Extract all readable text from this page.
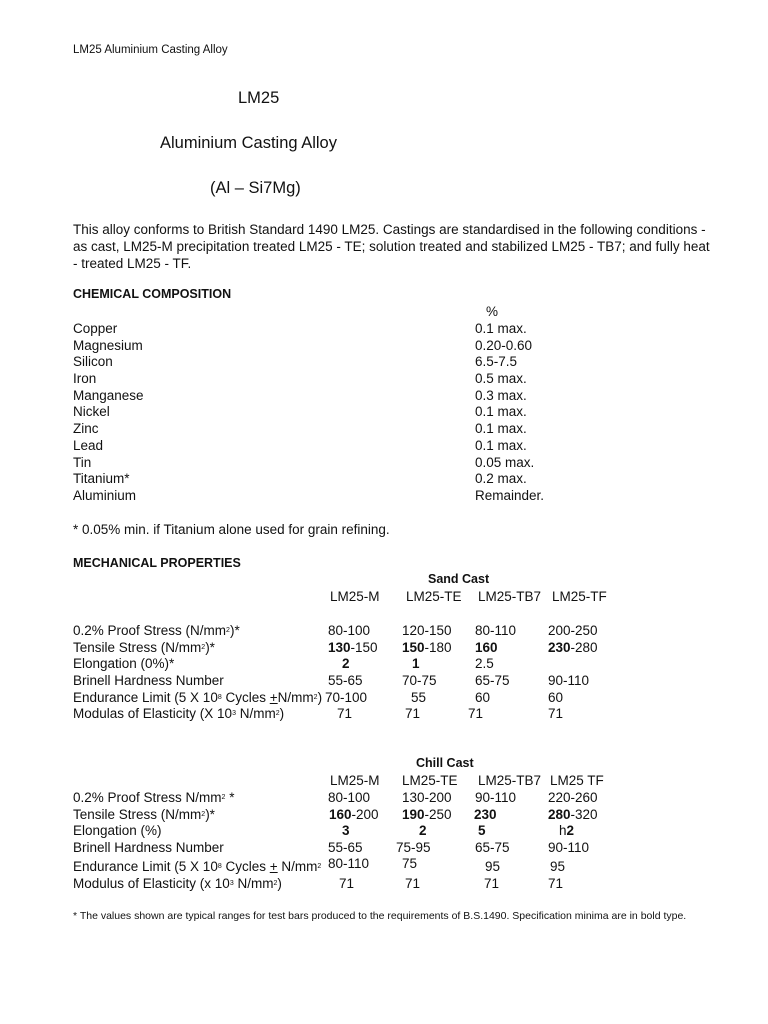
LM25 Aluminium Casting Alloy
LM25
Aluminium Casting Alloy
(Al – Si7Mg)
This alloy conforms to British Standard 1490 LM25. Castings are standardised in the following conditions - as cast, LM25-M precipitation treated LM25 - TE; solution treated and stabilized LM25 - TB7; and fully heat - treated LM25 - TF.
CHEMICAL COMPOSITION
%
Copper	0.1 max.
Magnesium	0.20-0.60
Silicon	6.5-7.5
Iron	0.5 max.
Manganese	0.3 max.
Nickel	0.1 max.
Zinc	0.1 max.
Lead	0.1 max.
Tin	0.05 max.
Titanium*	0.2 max.
Aluminium	Remainder.
* 0.05% min. if Titanium alone used for grain refining.
MECHANICAL PROPERTIES
Sand Cast
LM25-M LM25-TE LM25-TB7 LM25-TF
0.2% Proof Stress $(N/mm^2)*$	80-100 120-150 80-110 200-250
Tensile Stress $(N/mm^2)*$	130-150 150-180 160	230-280
Elongation (0%)*	2	1	2.5
Brinell Hardness Number	55-65	70-75	65-75	90-110
Endurance Limit (5 X $10^8$ Cycles $+N/mm^2$) 70-100	55	60	60
Modulas of Elasticity (X $10^3$ $N/mm^2$)	71	71	71	71
Chill Cast
LM25-M LM25-TE LM25-TB7 LM25 TF
0.2% Proof Stress $N/mm^2$ *	80-100 130-200 90-110 220-260
Tensile Stress $(N/mm^2)*$	160-200 190-250 230	280-320
Elongation (%)	3	2	5	h2
Brinell Hardness Number	55-65 75-95	65-75	90-110
Endurance Limit (5 X $10^8$ Cycles + $N/mm^2$ 80-110 75	95	95
Modulus of Elasticity (x $10^3$ $N/mm^2$)	71	71	71	71
* The values shown are typical ranges for test bars produced to the requirements of B.S.1490. Specification minima are in bold type.
